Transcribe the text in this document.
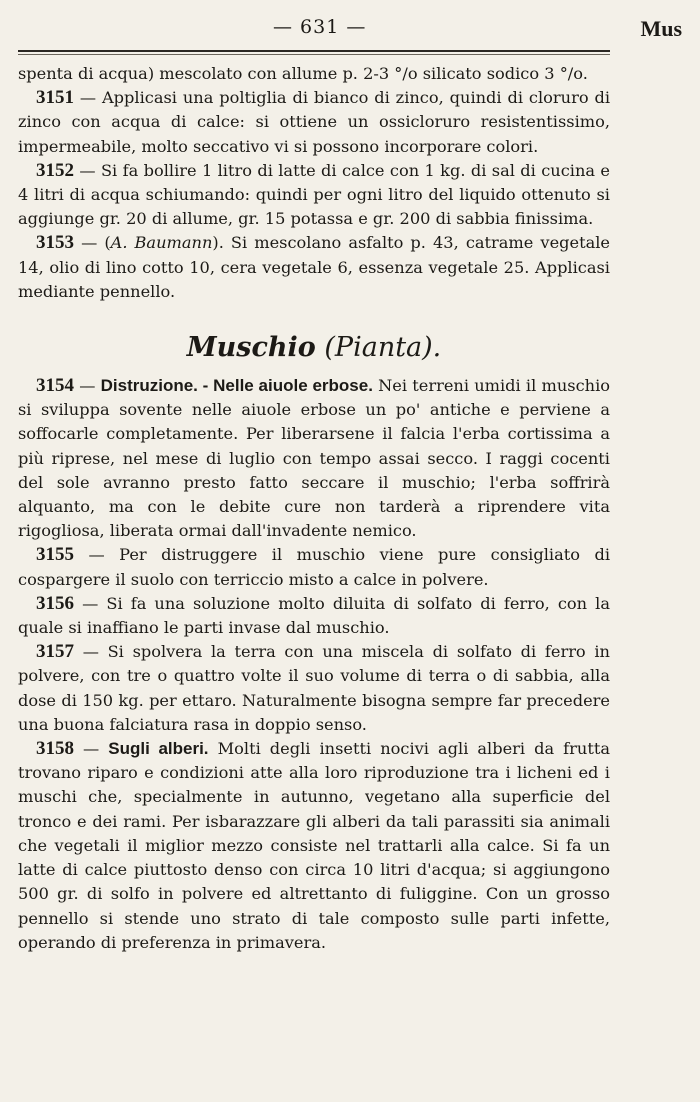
— 631 —	Mus

spenta di acqua) mescolato con allume p. 2-3 °/o silicato sodico 3 °/o.

3151 — Applicasi una poltiglia di bianco di zinco, quindi di cloruro di zinco con acqua di calce: si ottiene un ossicloruro resistentissimo, impermeabile, molto seccativo vi si possono incorporare colori.

3152 — Si fa bollire 1 litro di latte di calce con 1 kg. di sal di cucina e 4 litri di acqua schiumando: quindi per ogni litro del liquido ottenuto si aggiunge gr. 20 di allume, gr. 15 potassa e gr. 200 di sabbia finissima.

3153 — (A. Baumann). Si mescolano asfalto p. 43, catrame vegetale 14, olio di lino cotto 10, cera vegetale 6, essenza vegetale 25. Applicasi mediante pennello.

Muschio (Pianta).

3154 — Distruzione. - Nelle aiuole erbose. Nei terreni umidi il muschio si sviluppa sovente nelle aiuole erbose un po' antiche e perviene a soffocarle completamente. Per liberarsene il falcia l'erba cortissima a più riprese, nel mese di luglio con tempo assai secco. I raggi cocenti del sole avranno presto fatto seccare il muschio; l'erba soffrirà alquanto, ma con le debite cure non tarderà a riprendere vita rigogliosa, liberata ormai dall'invadente nemico.

3155 — Per distruggere il muschio viene pure consigliato di cospargere il suolo con terriccio misto a calce in polvere.

3156 — Si fa una soluzione molto diluita di solfato di ferro, con la quale si inaffiano le parti invase dal muschio.

3157 — Si spolvera la terra con una miscela di solfato di ferro in polvere, con tre o quattro volte il suo volume di terra o di sabbia, alla dose di 150 kg. per ettaro. Naturalmente bisogna sempre far precedere una buona falciatura rasa in doppio senso.

3158 — Sugli alberi. Molti degli insetti nocivi agli alberi da frutta trovano riparo e condizioni atte alla loro riproduzione tra i licheni ed i muschi che, specialmente in autunno, vegetano alla superficie del tronco e dei rami. Per isbarazzare gli alberi da tali parassiti sia animali che vegetali il miglior mezzo consiste nel trattarli alla calce. Si fa un latte di calce piuttosto denso con circa 10 litri d'acqua; si aggiungono 500 gr. di solfo in polvere ed altrettanto di fuliggine. Con un grosso pennello si stende uno strato di tale composto sulle parti infette, operando di preferenza in primavera.
